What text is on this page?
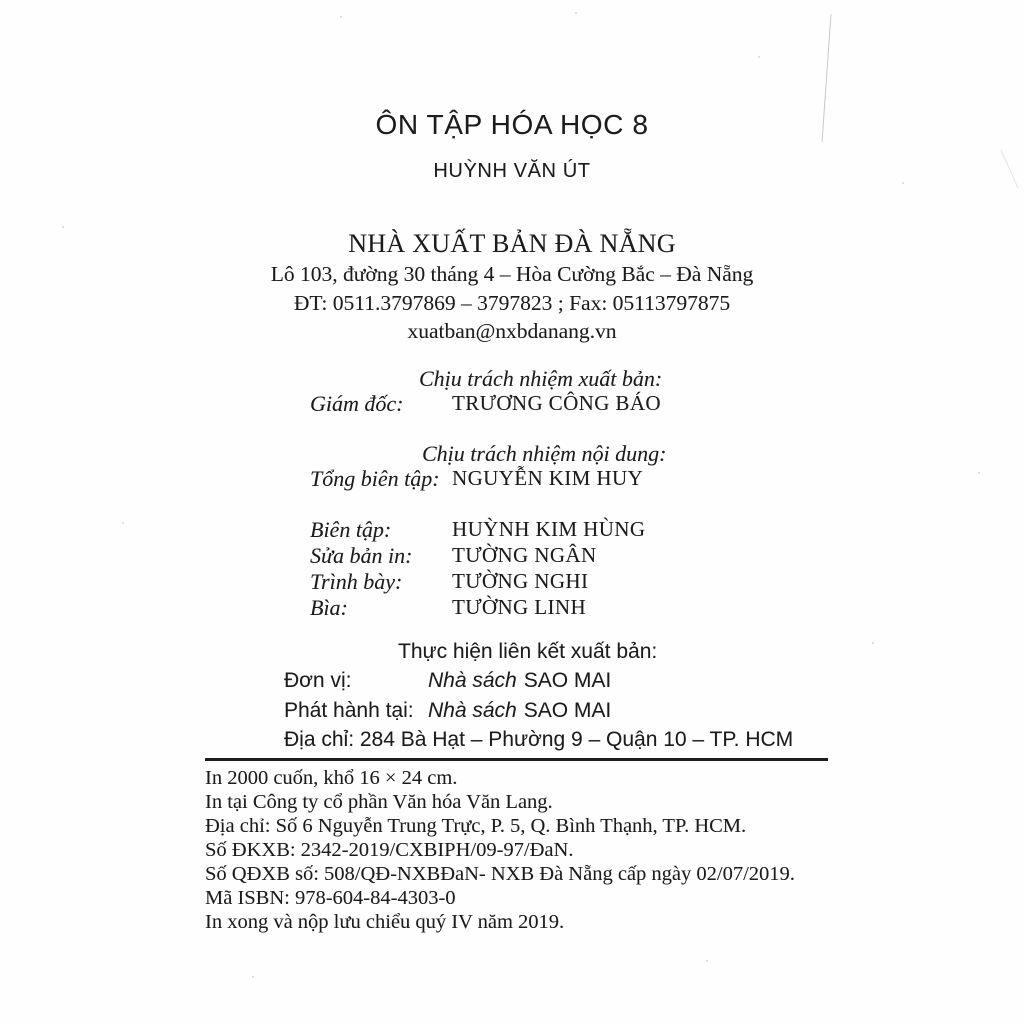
ÔN TẬP HÓA HỌC 8
HUỲNH VĂN ÚT
NHÀ XUẤT BẢN ĐÀ NẴNG
Lô 103, đường 30 tháng 4 – Hòa Cường Bắc – Đà Nẵng
ĐT: 0511.3797869 – 3797823 ; Fax: 05113797875
xuatban@nxbdanang.vn
Chịu trách nhiệm xuất bản:
Giám đốc: TRƯƠNG CÔNG BÁO
Chịu trách nhiệm nội dung:
Tổng biên tập: NGUYỄN KIM HUY
Biên tập:	HUỲNH KIM HÙNG
Sửa bản in: TƯỜNG NGÂN
Trình bày: TƯỜNG NGHI
Bìa:	TƯỜNG LINH
Thực hiện liên kết xuất bản:
Đơn vị:	Nhà sách SAO MAI
Phát hành tại: Nhà sách SAO MAI
Địa chỉ: 284 Bà Hạt – Phường 9 – Quận 10 – TP. HCM
In 2000 cuốn, khổ 16 × 24 cm.
In tại Công ty cổ phần Văn hóa Văn Lang.
Địa chỉ: Số 6 Nguyễn Trung Trực, P. 5, Q. Bình Thạnh, TP. HCM.
Số ĐKXB: 2342-2019/CXBIPH/09-97/ĐaN.
Số QĐXB số: 508/QĐ-NXBĐaN- NXB Đà Nẵng cấp ngày 02/07/2019.
Mã ISBN: 978-604-84-4303-0
In xong và nộp lưu chiểu quý IV năm 2019.
